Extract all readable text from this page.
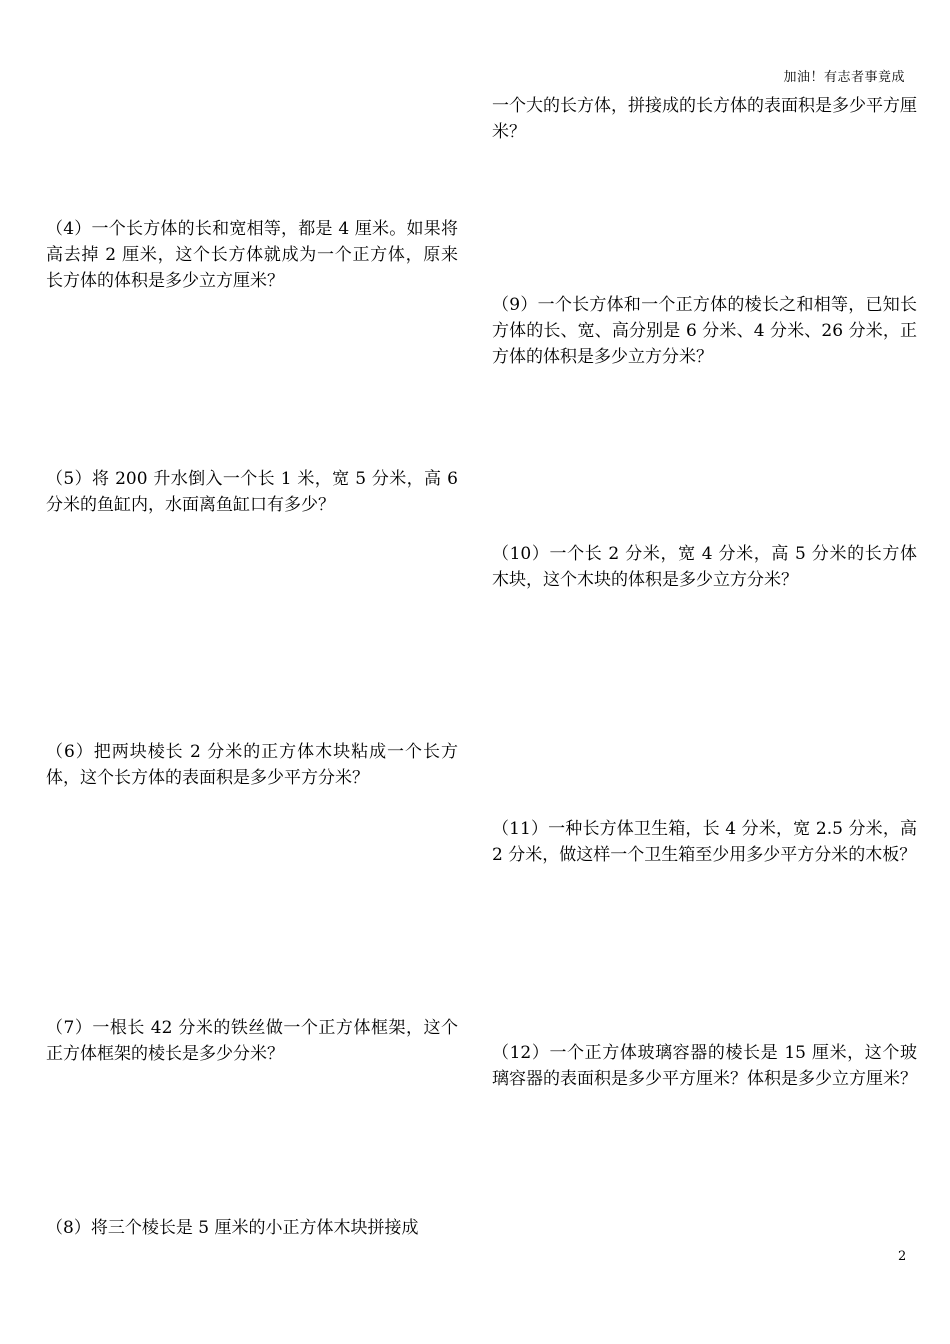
加油！有志者事竟成
（4）一个长方体的长和宽相等，都是 4 厘米。如果将高去掉 2 厘米，这个长方体就成为一个正方体，原来长方体的体积是多少立方厘米？
（5）将 200 升水倒入一个长 1 米，宽 5 分米，高 6 分米的鱼缸内，水面离鱼缸口有多少？
（6）把两块棱长 2 分米的正方体木块粘成一个长方体，这个长方体的表面积是多少平方分米？
（7）一根长 42 分米的铁丝做一个正方体框架，这个正方体框架的棱长是多少分米？
（8）将三个棱长是 5 厘米的小正方体木块拼接成
一个大的长方体，拼接成的长方体的表面积是多少平方厘米？
（9）一个长方体和一个正方体的棱长之和相等，已知长方体的长、宽、高分别是 6 分米、4 分米、26 分米，正方体的体积是多少立方分米？
（10）一个长 2 分米，宽 4 分米，高 5 分米的长方体木块，这个木块的体积是多少立方分米？
（11）一种长方体卫生箱，长 4 分米，宽 2.5 分米，高 2 分米，做这样一个卫生箱至少用多少平方分米的木板？
（12）一个正方体玻璃容器的棱长是 15 厘米，这个玻璃容器的表面积是多少平方厘米？体积是多少立方厘米？
2
